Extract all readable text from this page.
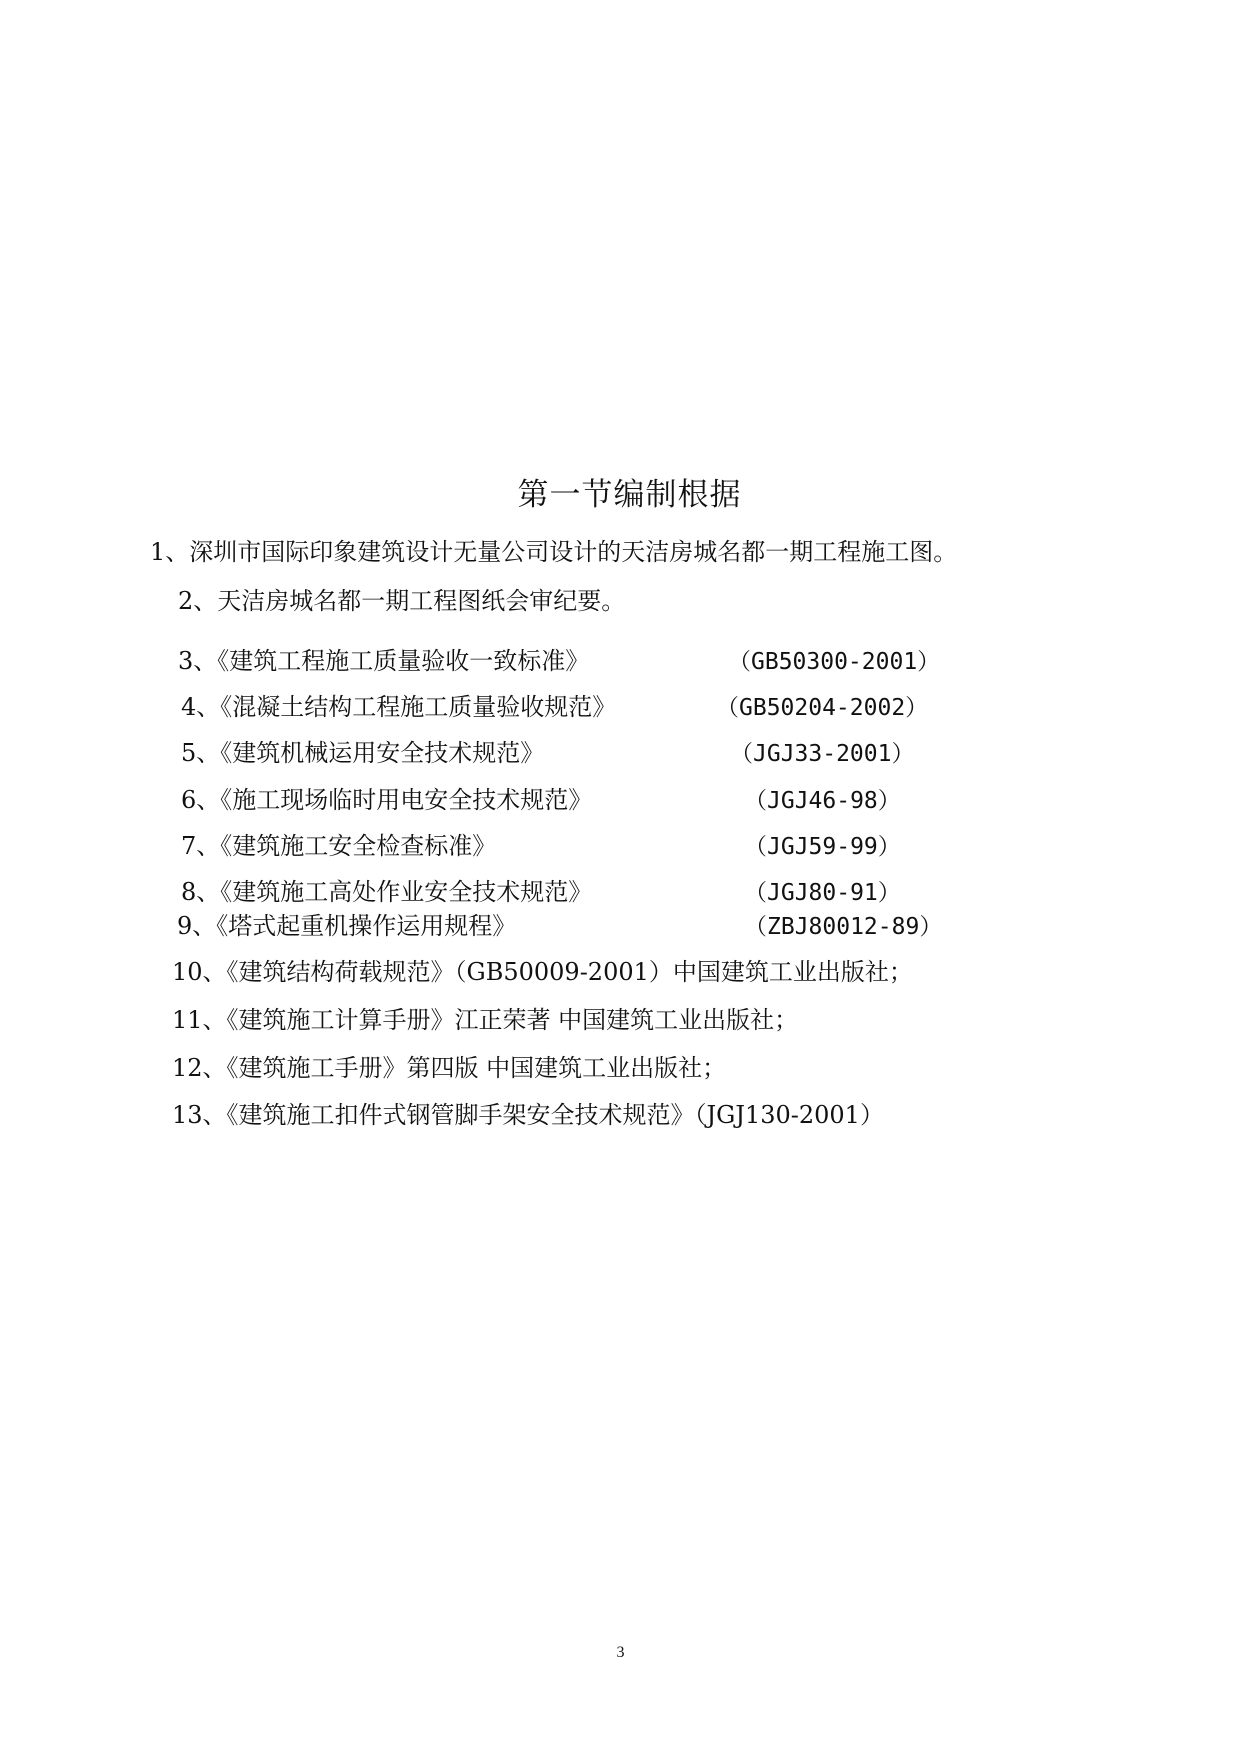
第一节编制根据
1、深圳市国际印象建筑设计无量公司设计的天洁房城名都一期工程施工图。
2、天洁房城名都一期工程图纸会审纪要。
3、《建筑工程施工质量验收一致标准》	（GB50300-2001）
4、《混凝土结构工程施工质量验收规范》	（GB50204-2002）
5、《建筑机械运用安全技术规范》	（JGJ33-2001）
6、《施工现场临时用电安全技术规范》	（JGJ46-98）
7、《建筑施工安全检查标准》	（JGJ59-99）
8、《建筑施工高处作业安全技术规范》	（JGJ80-91）
9、《塔式起重机操作运用规程》	（ZBJ80012-89）
10、《建筑结构荷载规范》（GB50009-2001）中国建筑工业出版社；
11、《建筑施工计算手册》江正荣著 中国建筑工业出版社；
12、《建筑施工手册》第四版 中国建筑工业出版社；
13、《建筑施工扣件式钢管脚手架安全技术规范》（JGJ130-2001）
3
